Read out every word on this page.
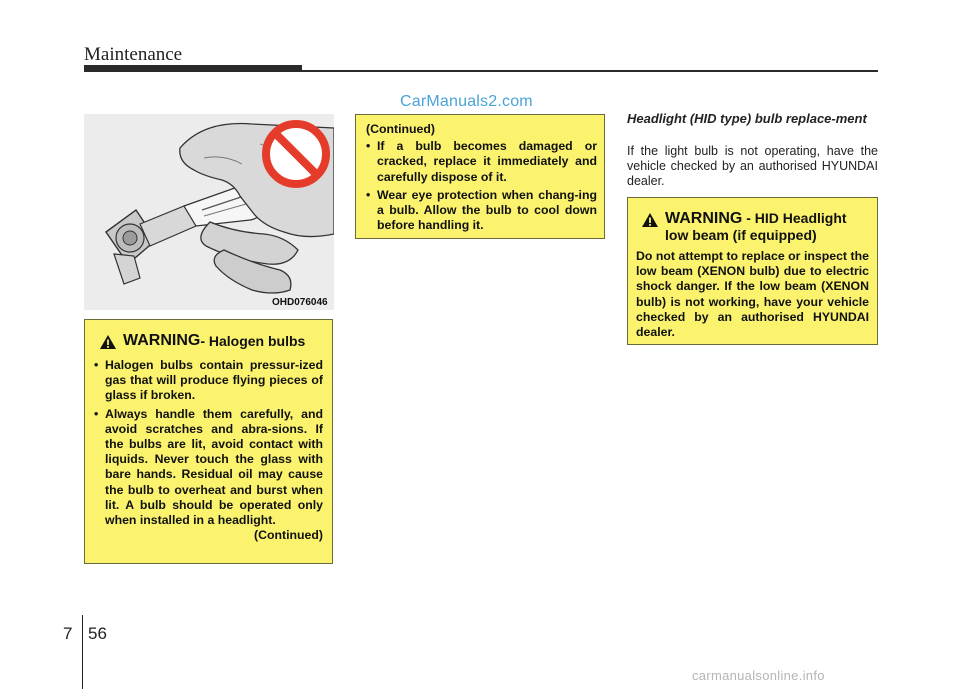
Maintenance
CarManuals2.com
OHD076046
WARNING - Halogen bulbs
• Halogen bulbs contain pressur-ized gas that will produce flying pieces of glass if broken.
• Always handle them carefully, and avoid scratches and abra-sions. If the bulbs are lit, avoid contact with liquids. Never touch the glass with bare hands. Residual oil may cause the bulb to overheat and burst when lit. A bulb should be operated only when installed in a headlight.
(Continued)
(Continued)
• If a bulb becomes damaged or cracked, replace it immediately and carefully dispose of it.
• Wear eye protection when chang-ing a bulb. Allow the bulb to cool down before handling it.
Headlight (HID type) bulb replace-ment
If the light bulb is not operating, have the vehicle checked by an authorised HYUNDAI dealer.
WARNING - HID Headlight low beam (if equipped)
Do not attempt to replace or inspect the low beam (XENON bulb) due to electric shock danger. If the low beam (XENON bulb) is not working, have your vehicle checked by an authorised HYUNDAI dealer.
7 56
carmanualsonline.info
